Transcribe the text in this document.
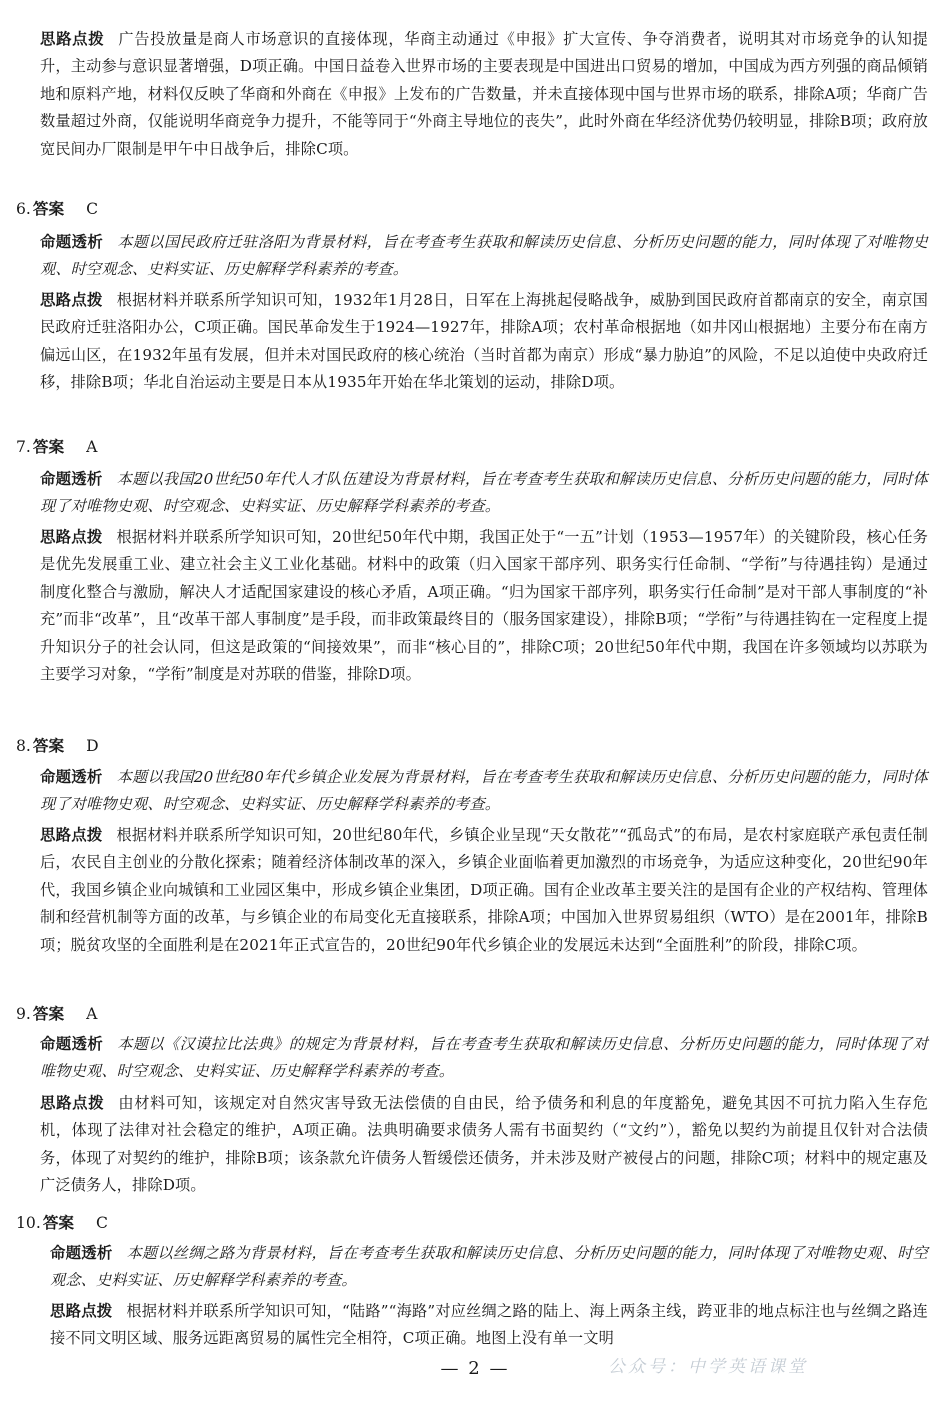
思路点拨 广告投放量是商人市场意识的直接体现，华商主动通过《申报》扩大宣传、争夺消费者，说明其对市场竞争的认知提升，主动参与意识显著增强，D项正确。中国日益卷入世界市场的主要表现是中国进出口贸易的增加，中国成为西方列强的商品倾销地和原料产地，材料仅反映了华商和外商在《申报》上发布的广告数量，并未直接体现中国与世界市场的联系，排除A项；华商广告数量超过外商，仅能说明华商竞争力提升，不能等同于“外商主导地位的丧失”，此时外商在华经济优势仍较明显，排除B项；政府放宽民间办厂限制是甲午中日战争后，排除C项。
6. 答案 C
命题透析 本题以国民政府迁驻洛阳为背景材料，旨在考查考生获取和解读历史信息、分析历史问题的能力，同时体现了对唯物史观、时空观念、史料实证、历史解释学科素养的考查。
思路点拨 根据材料并联系所学知识可知，1932年1月28日，日军在上海挑起侵略战争，威胁到国民政府首都南京的安全，南京国民政府迁驻洛阳办公，C项正确。国民革命发生于1924—1927年，排除A项；农村革命根据地（如井冈山根据地）主要分布在南方偏远山区，在1932年虽有发展，但并未对国民政府的核心统治（当时首都为南京）形成“暴力胁迫”的风险，不足以迫使中央政府迁移，排除B项；华北自治运动主要是日本从1935年开始在华北策划的运动，排除D项。
7. 答案 A
命题透析 本题以我国20世纪50年代人才队伍建设为背景材料，旨在考查考生获取和解读历史信息、分析历史问题的能力，同时体现了对唯物史观、时空观念、史料实证、历史解释学科素养的考查。
思路点拨 根据材料并联系所学知识可知，20世纪50年代中期，我国正处于“一五”计划（1953—1957年）的关键阶段，核心任务是优先发展重工业、建立社会主义工业化基础。材料中的政策（归入国家干部序列、职务实行任命制、“学衔”与待遇挂钩）是通过制度化整合与激励，解决人才适配国家建设的核心矛盾，A项正确。“归为国家干部序列，职务实行任命制”是对干部人事制度的“补充”而非“改革”，且“改革干部人事制度”是手段，而非政策最终目的（服务国家建设），排除B项；“学衔”与待遇挂钩在一定程度上提升知识分子的社会认同，但这是政策的“间接效果”，而非“核心目的”，排除C项；20世纪50年代中期，我国在许多领域均以苏联为主要学习对象，“学衔”制度是对苏联的借鉴，排除D项。
8. 答案 D
命题透析 本题以我国20世纪80年代乡镇企业发展为背景材料，旨在考查考生获取和解读历史信息、分析历史问题的能力，同时体现了对唯物史观、时空观念、史料实证、历史解释学科素养的考查。
思路点拨 根据材料并联系所学知识可知，20世纪80年代，乡镇企业呈现“天女散花”“孤岛式”的布局，是农村家庭联产承包责任制后，农民自主创业的分散化探索；随着经济体制改革的深入，乡镇企业面临着更加激烈的市场竞争，为适应这种变化，20世纪90年代，我国乡镇企业向城镇和工业园区集中，形成乡镇企业集团，D项正确。国有企业改革主要关注的是国有企业的产权结构、管理体制和经营机制等方面的改革，与乡镇企业的布局变化无直接联系，排除A项；中国加入世界贸易组织（WTO）是在2001年，排除B项；脱贫攻坚的全面胜利是在2021年正式宣告的，20世纪90年代乡镇企业的发展远未达到“全面胜利”的阶段，排除C项。
9. 答案 A
命题透析 本题以《汉谟拉比法典》的规定为背景材料，旨在考查考生获取和解读历史信息、分析历史问题的能力，同时体现了对唯物史观、时空观念、史料实证、历史解释学科素养的考查。
思路点拨 由材料可知，该规定对自然灾害导致无法偿债的自由民，给予债务和利息的年度豁免，避免其因不可抗力陷入生存危机，体现了法律对社会稳定的维护，A项正确。法典明确要求债务人需有书面契约（“文约”），豁免以契约为前提且仅针对合法债务，体现了对契约的维护，排除B项；该条款允许债务人暂缓偿还债务，并未涉及财产被侵占的问题，排除C项；材料中的规定惠及广泛债务人，排除D项。
10. 答案 C
命题透析 本题以丝绸之路为背景材料，旨在考查考生获取和解读历史信息、分析历史问题的能力，同时体现了对唯物史观、时空观念、史料实证、历史解释学科素养的考查。
思路点拨 根据材料并联系所学知识可知，“陆路”“海路”对应丝绸之路的陆上、海上两条主线，跨亚非的地点标注也与丝绸之路连接不同文明区域、服务远距离贸易的属性完全相符，C项正确。地图上没有单一文明
— 2 —	公众号：中学英语课堂
